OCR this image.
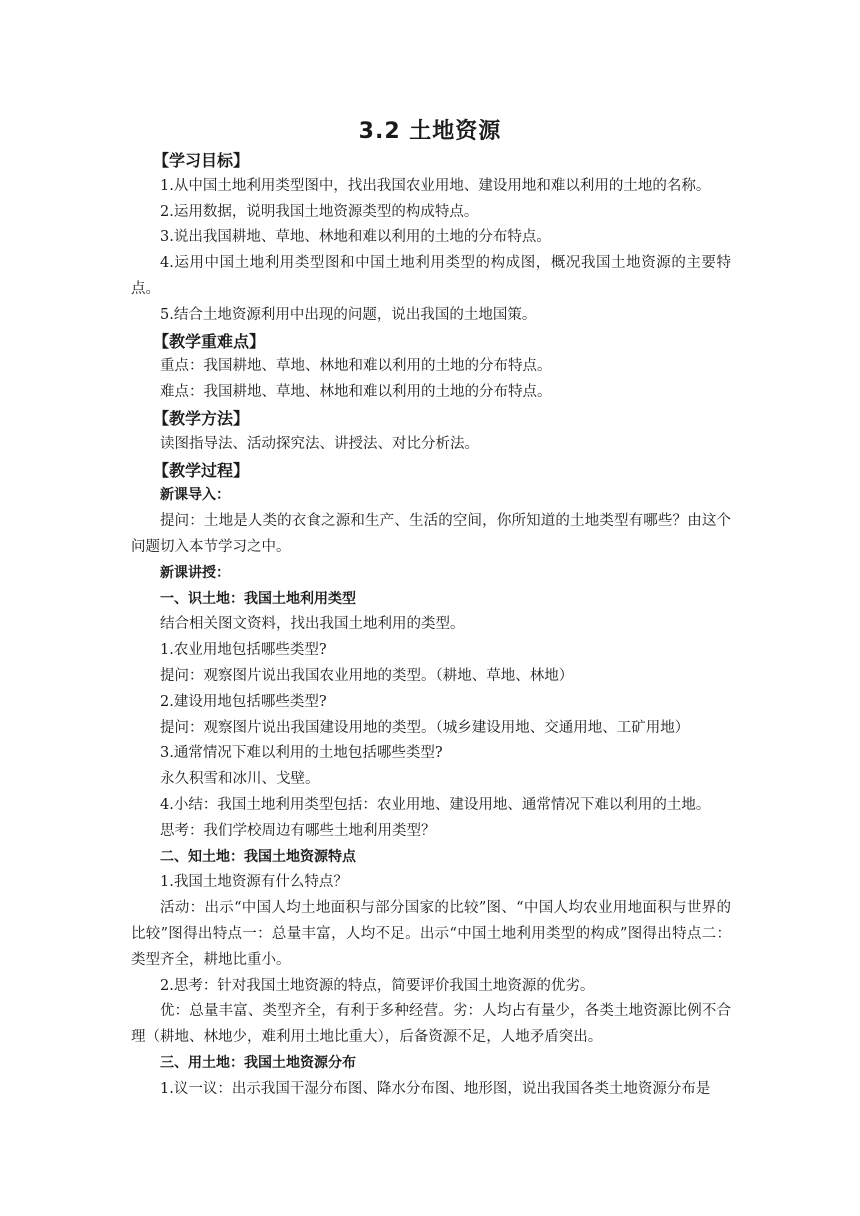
3.2 土地资源

【学习目标】

1.从中国土地利用类型图中，找出我国农业用地、建设用地和难以利用的土地的名称。

2.运用数据，说明我国土地资源类型的构成特点。

3.说出我国耕地、草地、林地和难以利用的土地的分布特点。

4.运用中国土地利用类型图和中国土地利用类型的构成图，概况我国土地资源的主要特点。

5.结合土地资源利用中出现的问题，说出我国的土地国策。

【教学重难点】

重点：我国耕地、草地、林地和难以利用的土地的分布特点。

难点：我国耕地、草地、林地和难以利用的土地的分布特点。

【教学方法】

读图指导法、活动探究法、讲授法、对比分析法。

【教学过程】

新课导入：

提问：土地是人类的衣食之源和生产、生活的空间，你所知道的土地类型有哪些？由这个问题切入本节学习之中。

新课讲授：

一、识土地：我国土地利用类型

结合相关图文资料，找出我国土地利用的类型。

1.农业用地包括哪些类型?

提问：观察图片说出我国农业用地的类型。（耕地、草地、林地）

2.建设用地包括哪些类型?

提问：观察图片说出我国建设用地的类型。（城乡建设用地、交通用地、工矿用地）

3.通常情况下难以利用的土地包括哪些类型?

永久积雪和冰川、戈壁。

4.小结：我国土地利用类型包括：农业用地、建设用地、通常情况下难以利用的土地。

思考：我们学校周边有哪些土地利用类型？

二、知土地：我国土地资源特点

1.我国土地资源有什么特点？

活动：出示“中国人均土地面积与部分国家的比较”图、“中国人均农业用地面积与世界的比较”图得出特点一：总量丰富，人均不足。出示“中国土地利用类型的构成”图得出特点二：类型齐全，耕地比重小。

2.思考：针对我国土地资源的特点，简要评价我国土地资源的优劣。

优：总量丰富、类型齐全，有利于多种经营。劣：人均占有量少，各类土地资源比例不合理（耕地、林地少，难利用土地比重大），后备资源不足，人地矛盾突出。

三、用土地：我国土地资源分布

1.议一议：出示我国干湿分布图、降水分布图、地形图，说出我国各类土地资源分布是
